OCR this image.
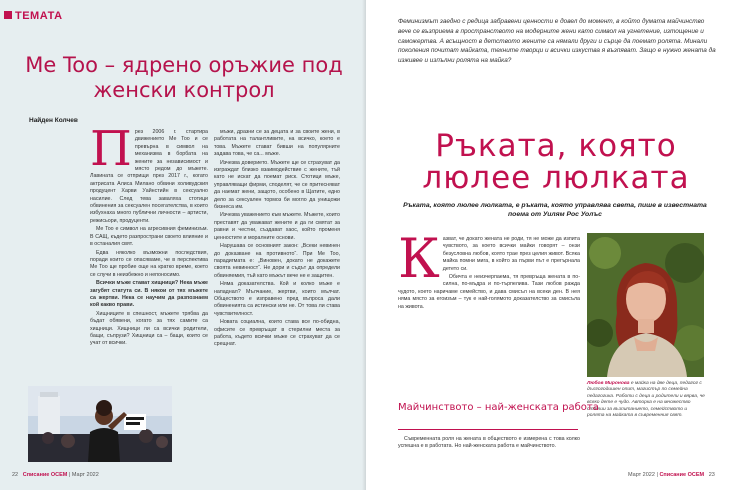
ТЕМАТА
Me Too – ядрено оръжие под женски контрол
Найден Колчев
П рез 2006 г. стартира движението Me Too и се превърна в символ на механизма в борбата на жените за независимост и място редом до мъжете. Лавината се отприщи през 2017 г., когато актрисата Алиса Милано обвини холивудския продуцент Харви Уайнстийн в сексуално насилие. След тева заваляха стотици обвинения за сексуален посегателства, в които избухнаха много публични личности – артисти, режисьори, продуценти.

Me Too е символ на агресивния феминизъм. В САЩ, където разпространи своето влияние и в останалия свят.

Едва няколко възможни последствия, поради които се опасяваме, че в перспектива Me Too ще пробие още на кратко време, което се случи в неизбежно и непоносимо.

Всички мъже стават хищници? Нека мъже загубят статута си. В някои от тях мъжете са жертви. Нека се научим да разпознаем кой какво прави.

Хищниците в спешност, мъжете трябва да бъдат обявени, когато за тях самите са хищници. Хищници ли са всички родители, бащи, съпрузи? Хищници са – бащи, които се учат от всички.

мъжи, дразни се за децата и за своите жени, в работата на талантливите, на всичко, което е това. Мъжете стават бивши на популярните задава това, че са... мъже.

Изчезва доверието. Мъжете ще се страхуват да изграждат близко взаимодействие с жените, тъй като не искат да поемат риск. Стотици мъже, управляващи фирми, споделят, че се притесняват да наемат жени, защото, особено в Щатите, едно дело за сексуален тормоз би могло да унищожи бизнеса им.

Изчезва уважението към мъжете. Мъжете, които преставят да уважават жените и да ги смятат за равни и честни, създават хаос, който променя ценностите и моралните основи.

Нарушава се основният закон: „Всеки невинен до доказване на противното“. При Me Too, парадигмата е: „Виновен, докато не докажете своята невинност“. Не дори и съдът да определи обвиняемия, тъй като мъжът вече не е защитен.

Няма доказателства. Кой и колко мъже е нападнал? Мълчание, жертви, които мълчат. Обществото е изправено пред въпроса дали обвиненията са истински или не. От това ли става чувствителност.

Новата социална, които става все по-обидна, офисите се превръщат в стерилни места за работа, където всички мъже се страхуват да се срещнат.

22 Списание ОСЕМ | Март 2022
Феминизмът заедно с редица забравени ценности е довел до момент, в който думата майчинство вече се възприема в пространството на модерните жени като символ на угнетение, изтощение и саможертва. А всъщност в детството жените са нямали други и сърце да поемат ролята. Минали поколения почитат майката, техните творци и всички изкуства я възпяват. Защо е нужно жената да изживее и изпълни ролята на майка?
Ръката, която люлее люлката
Ръката, която люлее люлката, е ръката, която управлява света, пише в известната поема от Уилям Рос Уолъс
К азват, че докато жената не роди, тя не може да изпита чувството, за което всички майки говорят – онзи безусловна любов, която трае през целия живот. Всяка майка помни мига, в който за първи път е прегърнала детето си.

Обичта е неизчерпаема, тя превръща жената в по-силна, по-мъдра и по-търпелива. Тази любов ражда чудото, което наричаме семейство, и дава смисъл на всеки ден. В нея няма място за егоизъм – тук е най-голямото доказателство за смисъла на живота.

Любов Миронова е майка на две деца, педагог с дългогодишен опит, магистър по семейна педагогика. Работи с деца и родители и вярва, че всяко дете е чудо. Авторка е на множество статии за възпитанието, семейството и ролята на майката в съвременния свят.
Майчинството – най-женската работа

Съвременната роля на жената в обществото е измерена с това колко успешна е в работата. Но най-женската работа е майчинството.

Март 2022 | Списание ОСЕМ 23
